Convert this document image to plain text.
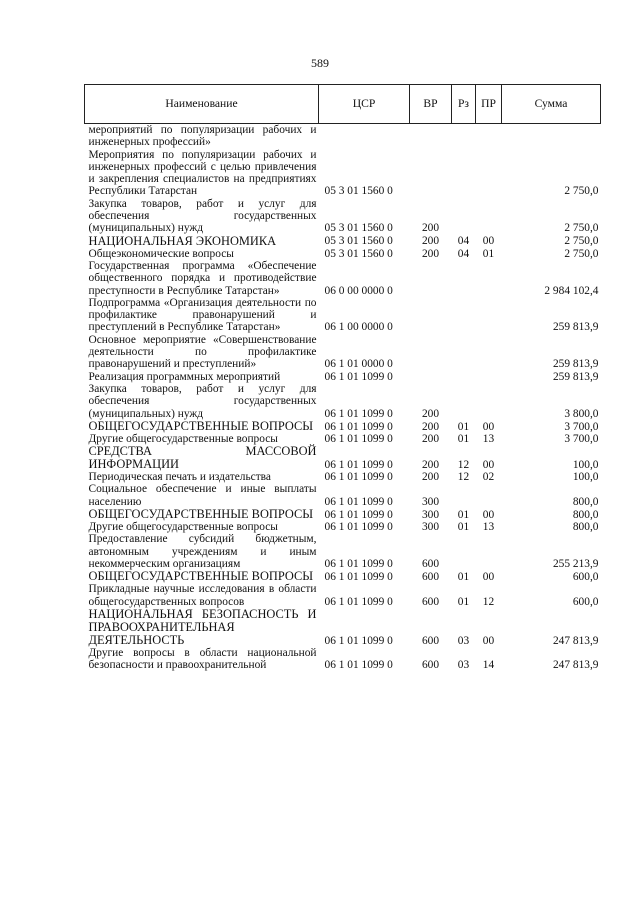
589
Наименование	ЦСР	ВР	Рз	ПР	Сумма
мероприятий по популяризации рабочих и инженерных профессий»					
Мероприятия по популяризации рабочих и инженерных профессий с целью привлечения и закрепления специалистов на предприятиях Республики Татарстан	05 3 01 1560 0				2 750,0
Закупка товаров, работ и услуг для обеспечения государственных (муниципальных) нужд	05 3 01 1560 0	200			2 750,0
НАЦИОНАЛЬНАЯ ЭКОНОМИКА	05 3 01 1560 0	200	04	00	2 750,0
Общеэкономические вопросы	05 3 01 1560 0	200	04	01	2 750,0
Государственная программа «Обеспечение общественного порядка и противодействие преступности в Республике Татарстан»	06 0 00 0000 0				2 984 102,4
Подпрограмма «Организация деятельности по профилактике правонарушений и преступлений в Республике Татарстан»	06 1 00 0000 0				259 813,9
Основное мероприятие «Совершенствование деятельности по профилактике правонарушений и преступлений»	06 1 01 0000 0				259 813,9
Реализация программных мероприятий	06 1 01 1099 0				259 813,9
Закупка товаров, работ и услуг для обеспечения государственных (муниципальных) нужд	06 1 01 1099 0	200			3 800,0
ОБЩЕГОСУДАРСТВЕННЫЕ ВОПРОСЫ	06 1 01 1099 0	200	01	00	3 700,0
Другие общегосударственные вопросы	06 1 01 1099 0	200	01	13	3 700,0
СРЕДСТВА МАССОВОЙ ИНФОРМАЦИИ	06 1 01 1099 0	200	12	00	100,0
Периодическая печать и издательства	06 1 01 1099 0	200	12	02	100,0
Социальное обеспечение и иные выплаты населению	06 1 01 1099 0	300			800,0
ОБЩЕГОСУДАРСТВЕННЫЕ ВОПРОСЫ	06 1 01 1099 0	300	01	00	800,0
Другие общегосударственные вопросы	06 1 01 1099 0	300	01	13	800,0
Предоставление субсидий бюджетным, автономным учреждениям и иным некоммерческим организациям	06 1 01 1099 0	600			255 213,9
ОБЩЕГОСУДАРСТВЕННЫЕ ВОПРОСЫ	06 1 01 1099 0	600	01	00	600,0
Прикладные научные исследования в области общегосударственных вопросов	06 1 01 1099 0	600	01	12	600,0
НАЦИОНАЛЬНАЯ БЕЗОПАСНОСТЬ И ПРАВООХРАНИТЕЛЬНАЯ ДЕЯТЕЛЬНОСТЬ	06 1 01 1099 0	600	03	00	247 813,9
Другие вопросы в области национальной безопасности и правоохранительной	06 1 01 1099 0	600	03	14	247 813,9
